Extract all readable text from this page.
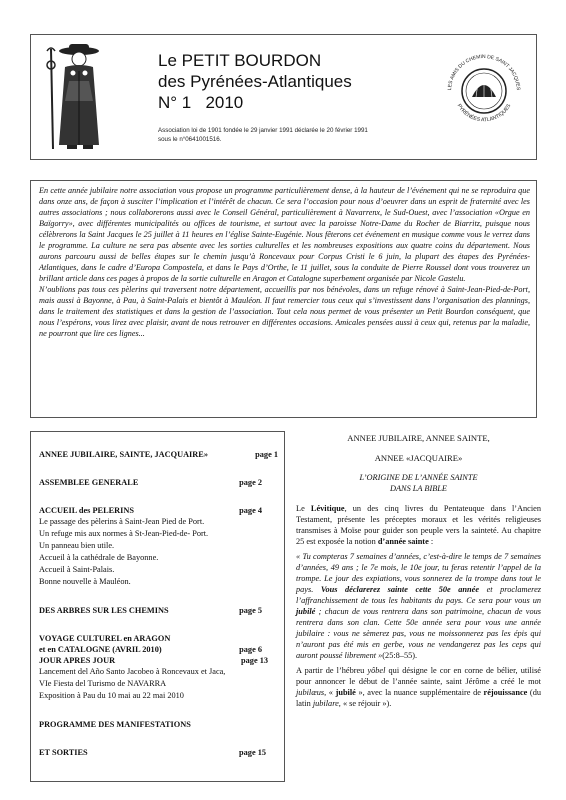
Le PETIT BOURDON
des Pyrénées-Atlantiques
N° 1 2010
Association loi de 1901 fondée le 29 janvier 1991 déclarée le 20 février 1991
sous le n°0641001516.
LES AMIS DU CHEMIN DE SAINT JACQUES
PYRÉNÉES ATLANTIQUES

En cette année jubilaire notre association vous propose un programme particulièrement dense, à la hauteur de l’événement qui ne se reproduira que dans onze ans, de façon à susciter l’implication et l’intérêt de chacun. Ce sera l’occasion pour nous d’oeuvrer dans un esprit de fraternité avec les autres associations ; nous collaborerons aussi avec le Conseil Général, particulièrement à Navarrenx, le Sud-Ouest, avec l’association «Orgue en Baïgorry», avec différentes municipalités ou offices de tourisme, et surtout avec la paroisse Notre-Dame du Rocher de Biarritz, puisque nous célèbrerons la Saint Jacques le 25 juillet à 11 heures en l’église Sainte-Eugénie. Nous fêterons cet événement en musique comme vous le verrez dans le programme. La culture ne sera pas absente avec les sorties culturelles et les nombreuses expositions aux quatre coins du département. Nous aurons parcouru aussi de belles étapes sur le chemin jusqu’à Roncevaux pour Corpus Cristi le 6 juin, la plupart des étapes des Pyrénées-Atlantiques, dans le cadre d’Europa Compostela, et dans le Pays d’Orthe, le 11 juillet, sous la conduite de Pierre Roussel dont vous trouverez un brillant article dans ces pages à propos de la sortie culturelle en Aragon et Catalogne superbement organisée par Nicole Gastelu.

N’oublions pas tous ces pèlerins qui traversent notre département, accueillis par nos bénévoles, dans un refuge rénové à Saint-Jean-Pied-de-Port, mais aussi à Bayonne, à Pau, à Saint-Palais et bientôt à Mauléon. Il faut remercier tous ceux qui s’investissent dans l’organisation des plannings, dans le traitement des statistiques et dans la gestion de l’association. Tout cela nous permet de vous présenter un Petit Bourdon conséquent, que nous l’espérons, vous lirez avec plaisir, avant de nous retrouver en différentes occasions. Amicales pensées aussi à ceux qui, retenus par la maladie, ne pourront que lire ces lignes...

ANNEE JUBILAIRE, SAINTE, JACQUAIRE»	page 1
ASSEMBLEE GENERALE	page 2
ACCUEIL des PELERINS	page 4
Le passage des pèlerins à Saint-Jean Pied de Port.
Un refuge mis aux normes à St-Jean-Pied-de- Port.
Un panneau bien utile.
Accueil à la cathédrale de Bayonne.
Accueil à Saint-Palais.
Bonne nouvelle à Mauléon.
DES ARBRES SUR LES CHEMINS	page 5
VOYAGE CULTUREL en ARAGON
et en CATALOGNE (AVRIL 2010)	page 6
JOUR APRES JOUR	page 13
Lancement del Año Santo Jacobeo à Roncevaux et Jaca,
VIe Fiesta del Turismo de NAVARRA
Exposition à Pau du 10 mai au 22 mai 2010
PROGRAMME DES MANIFESTATIONS
ET SORTIES	page 15
ANNEE JUBILAIRE, ANNEE SAINTE,
ANNEE «JACQUAIRE»
L’ORIGINE DE L’ANNÉE SAINTE
DANS LA BIBLE

Le Lévitique, un des cinq livres du Pentateuque dans l’Ancien Testament, présente les préceptes moraux et les vérités religieuses transmises à Moïse pour guider son peuple vers la sainteté. Au chapitre 25 est exposée la notion d’année sainte :

« Tu compteras 7 semaines d’années, c’est-à-dire le temps de 7 semaines d’années, 49 ans ; le 7e mois, le 10e jour, tu feras retentir l’appel de la trompe. Le jour des expiations, vous sonnerez de la trompe dans tout le pays. Vous déclarerez sainte cette 50e année et proclamerez l’affranchissement de tous les habitants du pays. Ce sera pour vous un jubilé ; chacun de vous rentrera dans son patrimoine, chacun de vous rentrera dans son clan. Cette 50e année sera pour vous une année jubilaire : vous ne sèmerez pas, vous ne moissonnerez pas les épis qui n’auront pas été mis en gerbe, vous ne vendangerez pas les ceps qui auront poussé librement »(25:8–55).

A partir de l’hébreu yôbel qui désigne le cor en corne de bélier, utilisé pour annoncer le début de l’année sainte, saint Jérôme a créé le mot jubilæus, « jubilé », avec la nuance supplémentaire de réjouissance (du latin jubilare, « se réjouir »).
